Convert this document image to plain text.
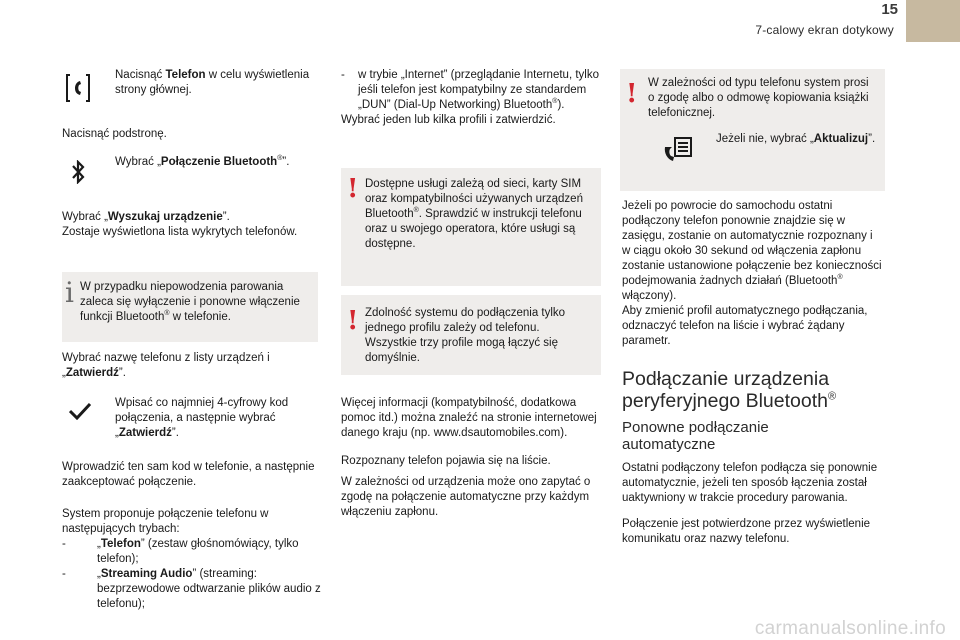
15
7-calowy ekran dotykowy

Nacisnąć Telefon w celu wyświetlenia strony głównej.

Nacisnąć podstronę.

Wybrać „Połączenie Bluetooth®”.

Wybrać „Wyszukaj urządzenie”.

Zostaje wyświetlona lista wykrytych telefonów.

i W przypadku niepowodzenia parowania zaleca się wyłączenie i ponowne włączenie funkcji Bluetooth® w telefonie.

Wybrać nazwę telefonu z listy urządzeń i „Zatwierdź”.

Wpisać co najmniej 4-cyfrowy kod połączenia, a następnie wybrać „Zatwierdź”.

Wprowadzić ten sam kod w telefonie, a następnie zaakceptować połączenie.

System proponuje połączenie telefonu w następujących trybach:

-	„Telefon” (zestaw głośnomówiący, tylko telefon);
-	„Streaming Audio” (streaming: bezprzewodowe odtwarzanie plików audio z telefonu);
- w trybie „Internet” (przeglądanie Internetu, tylko jeśli telefon jest kompatybilny ze standardem „DUN” (Dial-Up Networking) Bluetooth®).

Wybrać jeden lub kilka profili i zatwierdzić.

! Dostępne usługi zależą od sieci, karty SIM oraz kompatybilności używanych urządzeń Bluetooth®. Sprawdzić w instrukcji telefonu oraz u swojego operatora, które usługi są dostępne.

! Zdolność systemu do podłączenia tylko jednego profilu zależy od telefonu. Wszystkie trzy profile mogą łączyć się domyślnie.

Więcej informacji (kompatybilność, dodatkowa pomoc itd.) można znaleźć na stronie internetowej danego kraju (np. www.dsautomobiles.com).

Rozpoznany telefon pojawia się na liście.

W zależności od urządzenia może ono zapytać o zgodę na połączenie automatyczne przy każdym włączeniu zapłonu.

! W zależności od typu telefonu system prosi o zgodę albo o odmowę kopiowania książki telefonicznej.

Jeżeli nie, wybrać „Aktualizuj”.

Jeżeli po powrocie do samochodu ostatni podłączony telefon ponownie znajdzie się w zasięgu, zostanie on automatycznie rozpoznany i w ciągu około 30 sekund od włączenia zapłonu zostanie ustanowione połączenie bez konieczności podejmowania żadnych działań (Bluetooth® włączony).

Aby zmienić profil automatycznego podłączania, odznaczyć telefon na liście i wybrać żądany parametr.

Podłączanie urządzenia peryferyjnego Bluetooth®

Ponowne podłączanie automatyczne

Ostatni podłączony telefon podłącza się ponownie automatycznie, jeżeli ten sposób łączenia został uaktywniony w trakcie procedury parowania.

Połączenie jest potwierdzone przez wyświetlenie komunikatu oraz nazwy telefonu.

carmanualsonline.info
